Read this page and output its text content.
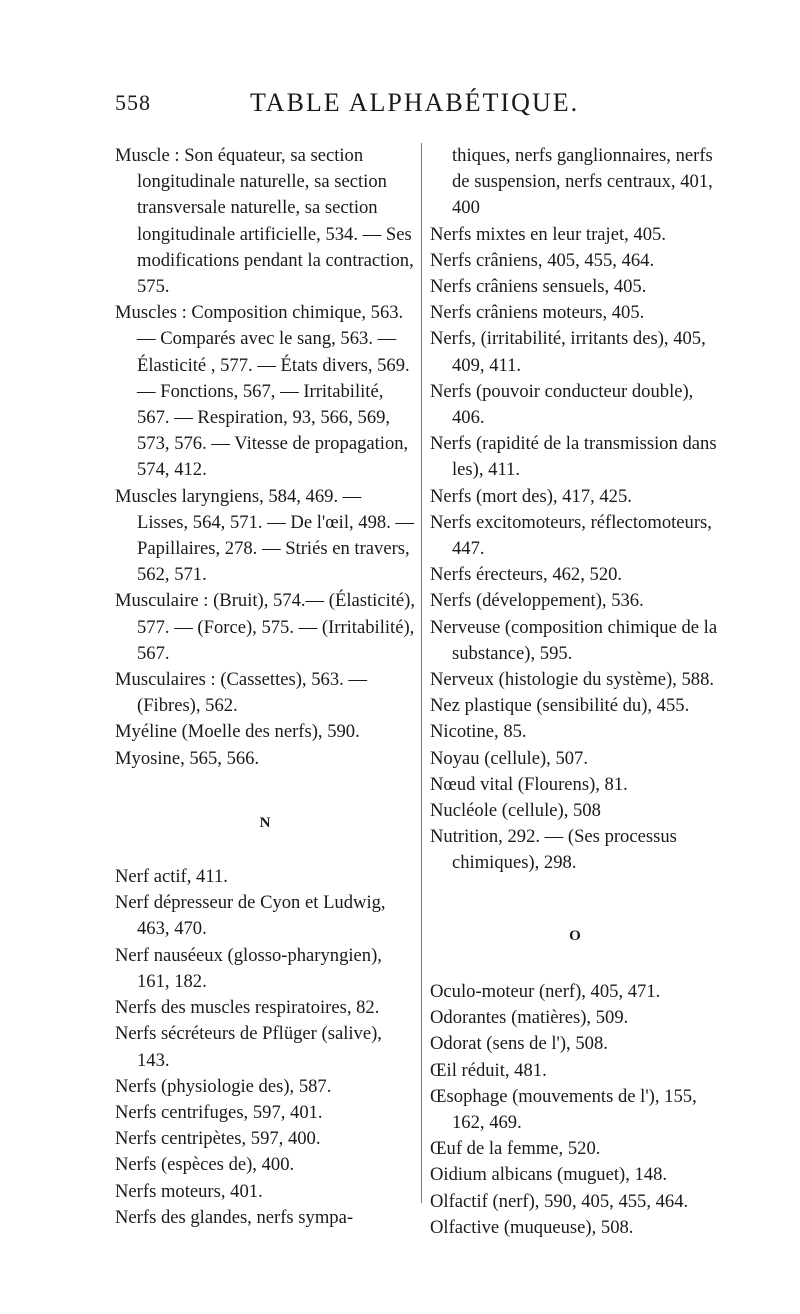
558	TABLE ALPHABÉTIQUE.

Muscle : Son équateur, sa section longitudinale naturelle, sa section transversale naturelle, sa section longitudinale artificielle, 534. — Ses modifications pendant la contraction, 575.

Muscles : Composition chimique, 563. — Comparés avec le sang, 563. — Élasticité , 577. — États divers, 569. — Fonctions, 567, — Irritabilité, 567. — Respiration, 93, 566, 569, 573, 576. — Vitesse de propagation, 574, 412.

Muscles laryngiens, 584, 469. — Lisses, 564, 571. — De l'œil, 498. — Papillaires, 278. — Striés en travers, 562, 571.

Musculaire : (Bruit), 574.— (Élasticité), 577. — (Force), 575. — (Irritabilité), 567.

Musculaires : (Cassettes), 563. — (Fibres), 562.

Myéline (Moelle des nerfs), 590.

Myosine, 565, 566.

N

Nerf actif, 411.

Nerf dépresseur de Cyon et Ludwig, 463, 470.

Nerf nauséeux (glosso-pharyngien), 161, 182.

Nerfs des muscles respiratoires, 82.

Nerfs sécréteurs de Pflüger (salive), 143.

Nerfs (physiologie des), 587.

Nerfs centrifuges, 597, 401.

Nerfs centripètes, 597, 400.

Nerfs (espèces de), 400.

Nerfs moteurs, 401.

Nerfs des glandes, nerfs sympa-

thiques, nerfs ganglionnaires, nerfs de suspension, nerfs centraux, 401, 400

Nerfs mixtes en leur trajet, 405.

Nerfs crâniens, 405, 455, 464.

Nerfs crâniens sensuels, 405.

Nerfs crâniens moteurs, 405.

Nerfs, (irritabilité, irritants des), 405, 409, 411.

Nerfs (pouvoir conducteur double), 406.

Nerfs (rapidité de la transmission dans les), 411.

Nerfs (mort des), 417, 425.

Nerfs excitomoteurs, réflectomoteurs, 447.

Nerfs érecteurs, 462, 520.

Nerfs (développement), 536.

Nerveuse (composition chimique de la substance), 595.

Nerveux (histologie du système), 588.

Nez plastique (sensibilité du), 455.

Nicotine, 85.

Noyau (cellule), 507.

Nœud vital (Flourens), 81.

Nucléole (cellule), 508

Nutrition, 292. — (Ses processus chimiques), 298.

O

Oculo-moteur (nerf), 405, 471.

Odorantes (matières), 509.

Odorat (sens de l'), 508.

Œil réduit, 481.

Œsophage (mouvements de l'), 155, 162, 469.

Œuf de la femme, 520.

Oidium albicans (muguet), 148.

Olfactif (nerf), 590, 405, 455, 464.

Olfactive (muqueuse), 508.
